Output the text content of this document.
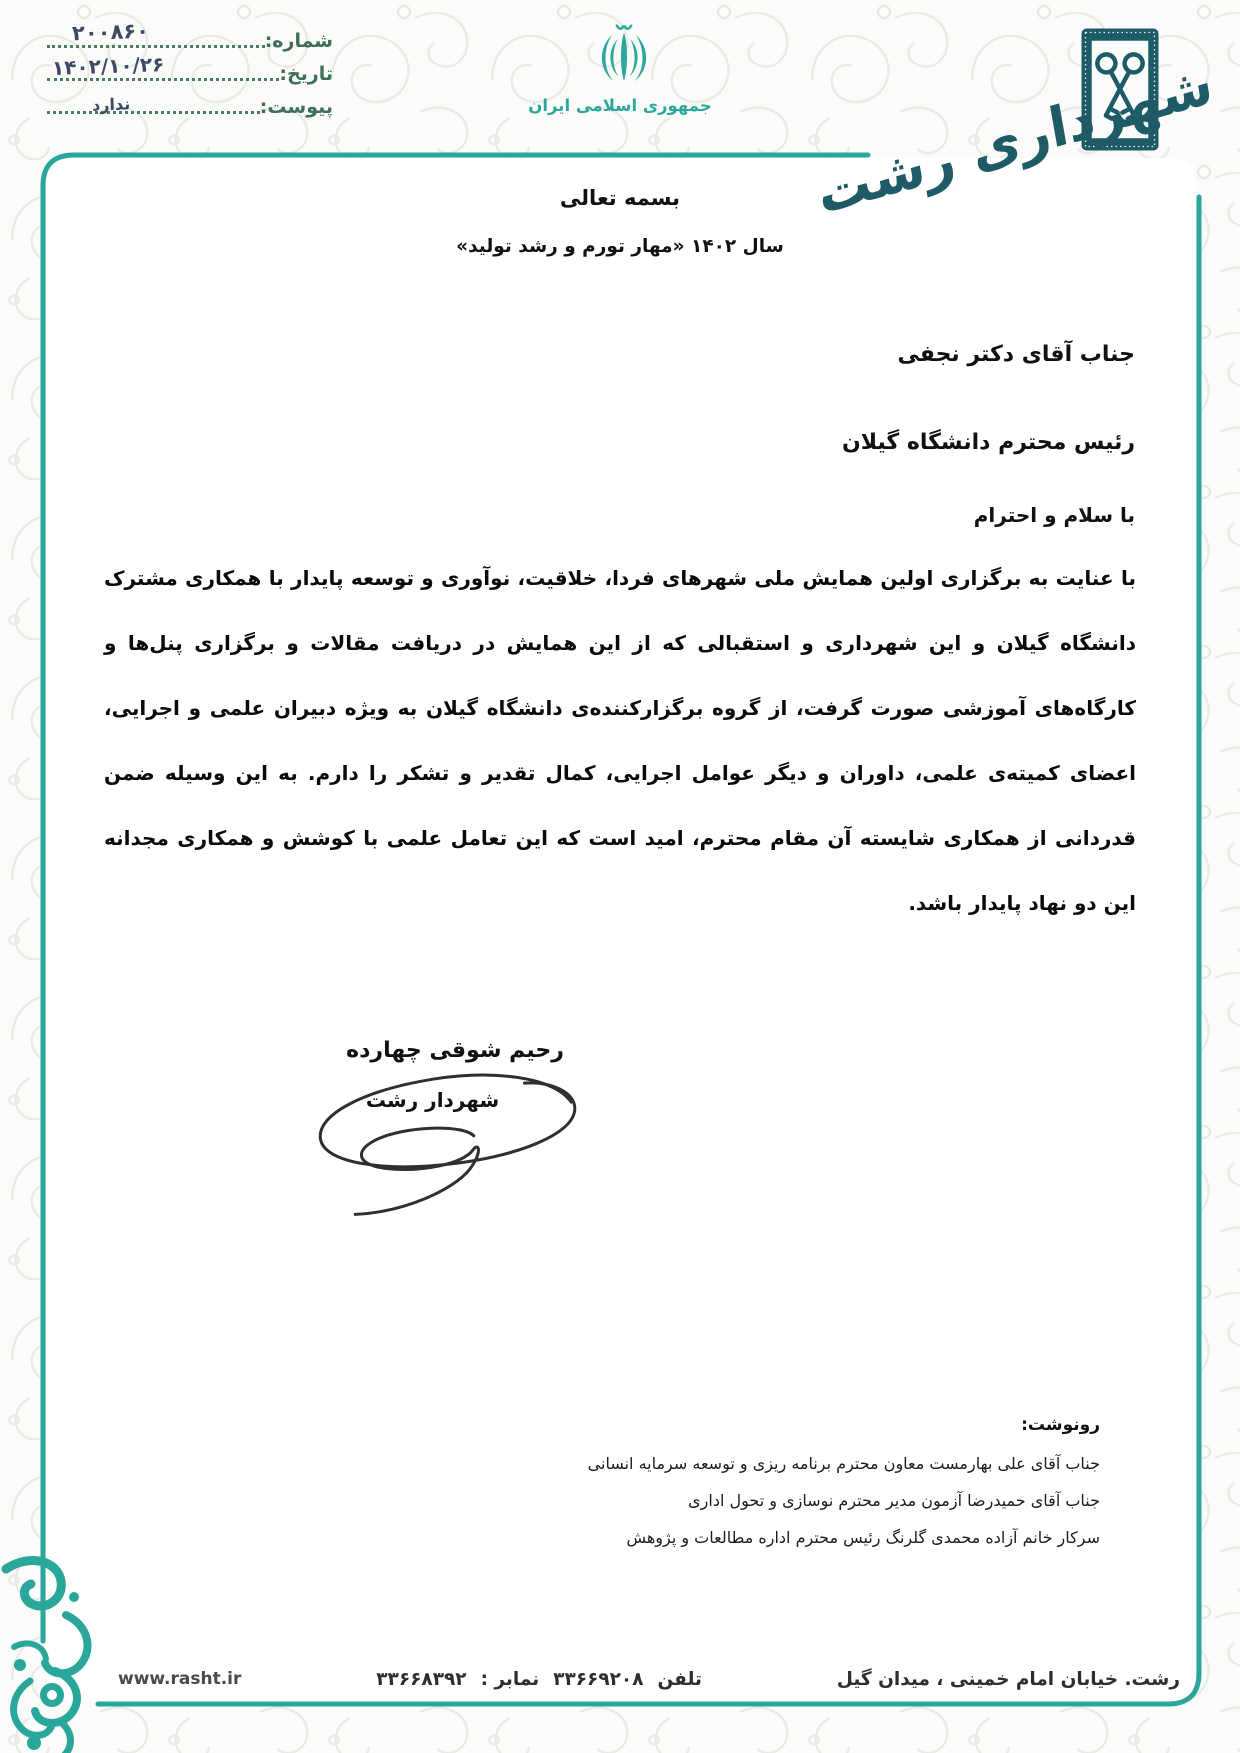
شماره:
تاریخ:
پیوست:
۲۰۰۸۶۰
۱۴۰۲/۱۰/۲۶
ندارد	جمهوری اسلامی ایران	شهرداری رشت
بسمه تعالی
سال ۱۴۰۲ «مهار تورم و رشد تولید»
جناب آقای دکتر نجفی
رئیس محترم دانشگاه گیلان
با سلام و احترام
با عنایت به برگزاری اولین همایش ملی شهرهای فردا، خلاقیت، نوآوری و توسعه پایدار با همکاری مشترک دانشگاه گیلان و این شهرداری و استقبالی که از این همایش در دریافت مقالات و برگزاری پنل‌ها و کارگاه‌های آموزشی صورت گرفت، از گروه برگزارکننده‌ی دانشگاه گیلان به ویژه دبیران علمی و اجرایی، اعضای کمیته‌ی علمی، داوران و دیگر عوامل اجرایی، کمال تقدیر و تشکر را دارم. به این وسیله ضمن قدردانی از همکاری شایسته آن مقام محترم، امید است که این تعامل علمی با کوشش و همکاری مجدانه این دو نهاد پایدار باشد.
رحیم شوقی چهارده
شهردار رشت
رونوشت:
جناب آقای علی بهارمست معاون محترم برنامه ریزی و توسعه سرمایه انسانی
جناب آقای حمیدرضا آزمون مدیر محترم نوسازی و تحول اداری
سرکار خانم آزاده محمدی گلرنگ رئیس محترم اداره مطالعات و پژوهش
رشت. خیابان امام خمینی ، میدان گیل
تلفن
۳۳۶۶۹۲۰۸
نمابر :
۳۳۶۶۸۳۹۲
www.rasht.ir
